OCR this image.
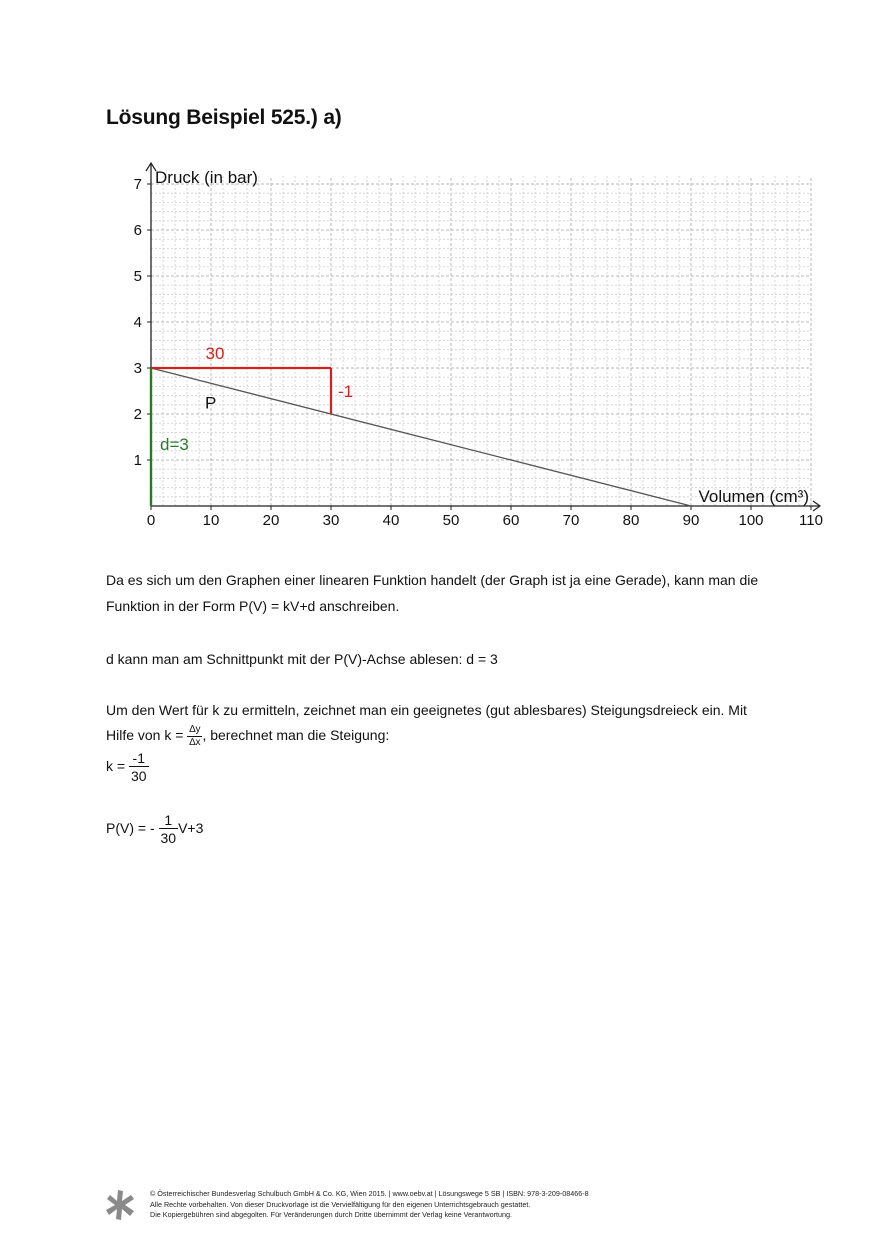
Lösung Beispiel 525.) a)
0	10	20	30	40	50	60	70	80	90	100 110
1
2
3
4
5
6
7
Volumen (cm³)
Druck (in bar)
30
-1
d=3
P
Da es sich um den Graphen einer linearen Funktion handelt (der Graph ist ja eine Gerade), kann man die
Funktion in der Form P(V) = kV+d anschreiben.
d kann man am Schnittpunkt mit der P(V)-Achse ablesen: d = 3
Um den Wert für k zu ermitteln, zeichnet man ein geeignetes (gut ablesbares) Steigungsdreieck ein. Mit
Hilfe von $k = \frac{\Delta y}{\Delta x}$ , berechnet man die Steigung:
$k = \frac{-1}{30}$
P(V) = - $\frac{1}{30} V+3$
© Österreichischer Bundesverlag Schulbuch GmbH & Co. KG, Wien 2015. | www.oebv.at | Lösungswege 5 SB | ISBN: 978-3-209-08466-8
Alle Rechte vorbehalten. Von dieser Druckvorlage ist die Vervielfältigung für den eigenen Unterrichtsgebrauch gestattet.
Die Kopiergebühren sind abgegolten. Für Veränderungen durch Dritte übernimmt der Verlag keine Verantwortung.
